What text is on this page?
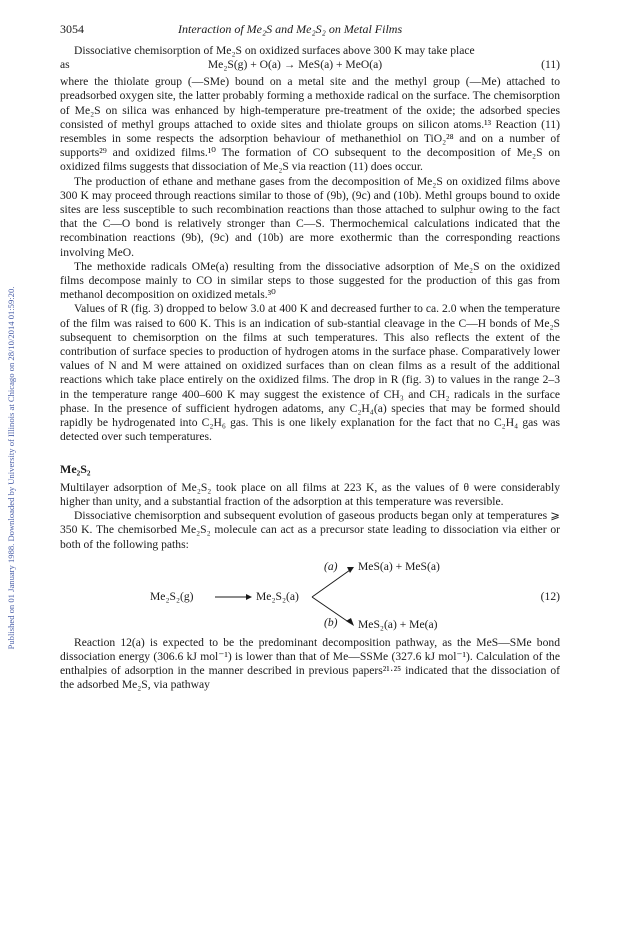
Published on 01 January 1988. Downloaded by University of Illinois at Chicago on 28/10/2014 01:59:20.
3054	Interaction of Me₂S and Me₂S₂ on Metal Films

Dissociative chemisorption of Me₂S on oxidized surfaces above 300 K may take place

as	Me₂S(g) + O(a) → MeS(a) + MeO(a)	(11)

where the thiolate group (—SMe) bound on a metal site and the methyl group (—Me) attached to preadsorbed oxygen site, the latter probably forming a methoxide radical on the surface. The chemisorption of Me₂S on silica was enhanced by high-temperature pre-treatment of the oxide; the adsorbed species consisted of methyl groups attached to oxide sites and thiolate groups on silicon atoms.¹³ Reaction (11) resembles in some respects the adsorption behaviour of methanethiol on TiO₂²⁸ and on a number of supports²⁹ and oxidized films.¹⁰ The formation of CO subsequent to the decomposition of Me₂S on oxidized films suggests that dissociation of Me₂S via reaction (11) does occur.

The production of ethane and methane gases from the decomposition of Me₂S on oxidized films above 300 K may proceed through reactions similar to those of (9b), (9c) and (10b). Methl groups bound to oxide sites are less susceptible to such recombination reactions than those attached to sulphur owing to the fact that the C—O bond is relatively stronger than C—S. Thermochemical calculations indicated that the recombination reactions (9b), (9c) and (10b) are more exothermic than the corresponding reactions involving MeO.

The methoxide radicals OMe(a) resulting from the dissociative adsorption of Me₂S on the oxidized films decompose mainly to CO in similar steps to those suggested for the production of this gas from methanol decomposition on oxidized metals.³⁰

Values of R (fig. 3) dropped to below 3.0 at 400 K and decreased further to ca. 2.0 when the temperature of the film was raised to 600 K. This is an indication of sub-stantial cleavage in the C—H bonds of Me₂S subsequent to chemisorption on the films at such temperatures. This also reflects the extent of the contribution of surface species to production of hydrogen atoms in the surface phase. Comparatively lower values of N and M were attained on oxidized surfaces than on clean films as a result of the additional reactions which take place entirely on the oxidized films. The drop in R (fig. 3) to values in the range 2–3 in the temperature range 400–600 K may suggest the existence of CH₃ and CH₂ radicals in the surface phase. In the presence of sufficient hydrogen adatoms, any C₂H₄(a) species that may be formed should rapidly be hydrogenated into C₂H₆ gas. This is one likely explanation for the fact that no C₂H₄ gas was detected over such temperatures.

Me₂S₂

Multilayer adsorption of Me₂S₂ took place on all films at 223 K, as the values of θ were considerably higher than unity, and a substantial fraction of the adsorption at this temperature was reversible.

Dissociative chemisorption and subsequent evolution of gaseous products began only at temperatures ⩾ 350 K. The chemisorbed Me₂S₂ molecule can act as a precursor state leading to dissociation via either or both of the following paths:

Me₂S₂(g)	Me₂S₂(a)
(a) MeS(a) + MeS(a)
(b) MeS₂(a) + Me(a)
(12)

Reaction 12(a) is expected to be the predominant decomposition pathway, as the MeS—SMe bond dissociation energy (306.6 kJ mol⁻¹) is lower than that of Me—SSMe (327.6 kJ mol⁻¹). Calculation of the enthalpies of adsorption in the manner described in previous papers²¹·²⁵ indicated that the dissociation of the adsorbed Me₂S, via pathway
